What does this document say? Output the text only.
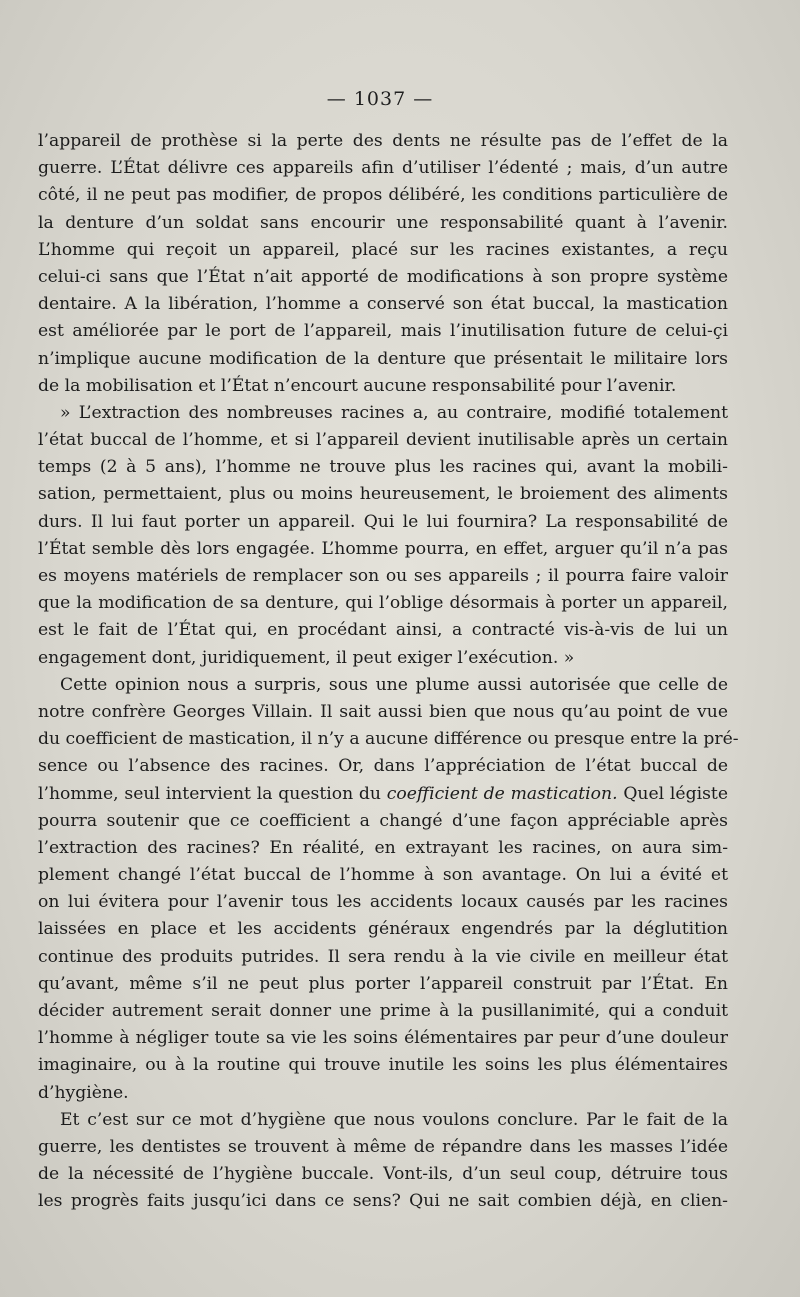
— 1037 —
l’appareil de prothèse si la perte des dents ne résulte pas de l’effet de la
guerre. L’État délivre ces appareils afin d’utiliser l’édenté ; mais, d’un autre
côté, il ne peut pas modifier, de propos délibéré, les conditions particulière de
la denture d’un soldat sans encourir une responsabilité quant à l’avenir.
L’homme qui reçoit un appareil, placé sur les racines existantes, a reçu
celui-ci sans que l’État n’ait apporté de modifications à son propre système
dentaire. A la libération, l’homme a conservé son état buccal, la mastication
est améliorée par le port de l’appareil, mais l’inutilisation future de celui-çi
n’implique aucune modification de la denture que présentait le militaire lors
de la mobilisation et l’État n’encourt aucune responsabilité pour l’avenir.
» L’extraction des nombreuses racines a, au contraire, modifié totalement
l’état buccal de l’homme, et si l’appareil devient inutilisable après un certain
temps (2 à 5 ans), l’homme ne trouve plus les racines qui, avant la mobili-
sation, permettaient, plus ou moins heureusement, le broiement des aliments
durs. Il lui faut porter un appareil. Qui le lui fournira? La responsabilité de
l’État semble dès lors engagée. L’homme pourra, en effet, arguer qu’il n’a pas
es moyens matériels de remplacer son ou ses appareils ; il pourra faire valoir
que la modification de sa denture, qui l’oblige désormais à porter un appareil,
est le fait de l’État qui, en procédant ainsi, a contracté vis-à-vis de lui un
engagement dont, juridiquement, il peut exiger l’exécution. »
Cette opinion nous a surpris, sous une plume aussi autorisée que celle de
notre confrère Georges Villain. Il sait aussi bien que nous qu’au point de vue
du coefficient de mastication, il n’y a aucune différence ou presque entre la pré-
sence ou l’absence des racines. Or, dans l’appréciation de l’état buccal de
l’homme, seul intervient la question du coefficient de mastication. Quel légiste
pourra soutenir que ce coefficient a changé d’une façon appréciable après
l’extraction des racines? En réalité, en extrayant les racines, on aura sim-
plement changé l’état buccal de l’homme à son avantage. On lui a évité et
on lui évitera pour l’avenir tous les accidents locaux causés par les racines
laissées en place et les accidents généraux engendrés par la déglutition
continue des produits putrides. Il sera rendu à la vie civile en meilleur état
qu’avant, même s’il ne peut plus porter l’appareil construit par l’État. En
décider autrement serait donner une prime à la pusillanimité, qui a conduit
l’homme à négliger toute sa vie les soins élémentaires par peur d’une douleur
imaginaire, ou à la routine qui trouve inutile les soins les plus élémentaires
d’hygiène.
Et c’est sur ce mot d’hygiène que nous voulons conclure. Par le fait de la
guerre, les dentistes se trouvent à même de répandre dans les masses l’idée
de la nécessité de l’hygiène buccale. Vont-ils, d’un seul coup, détruire tous
les progrès faits jusqu’ici dans ce sens? Qui ne sait combien déjà, en clien-
